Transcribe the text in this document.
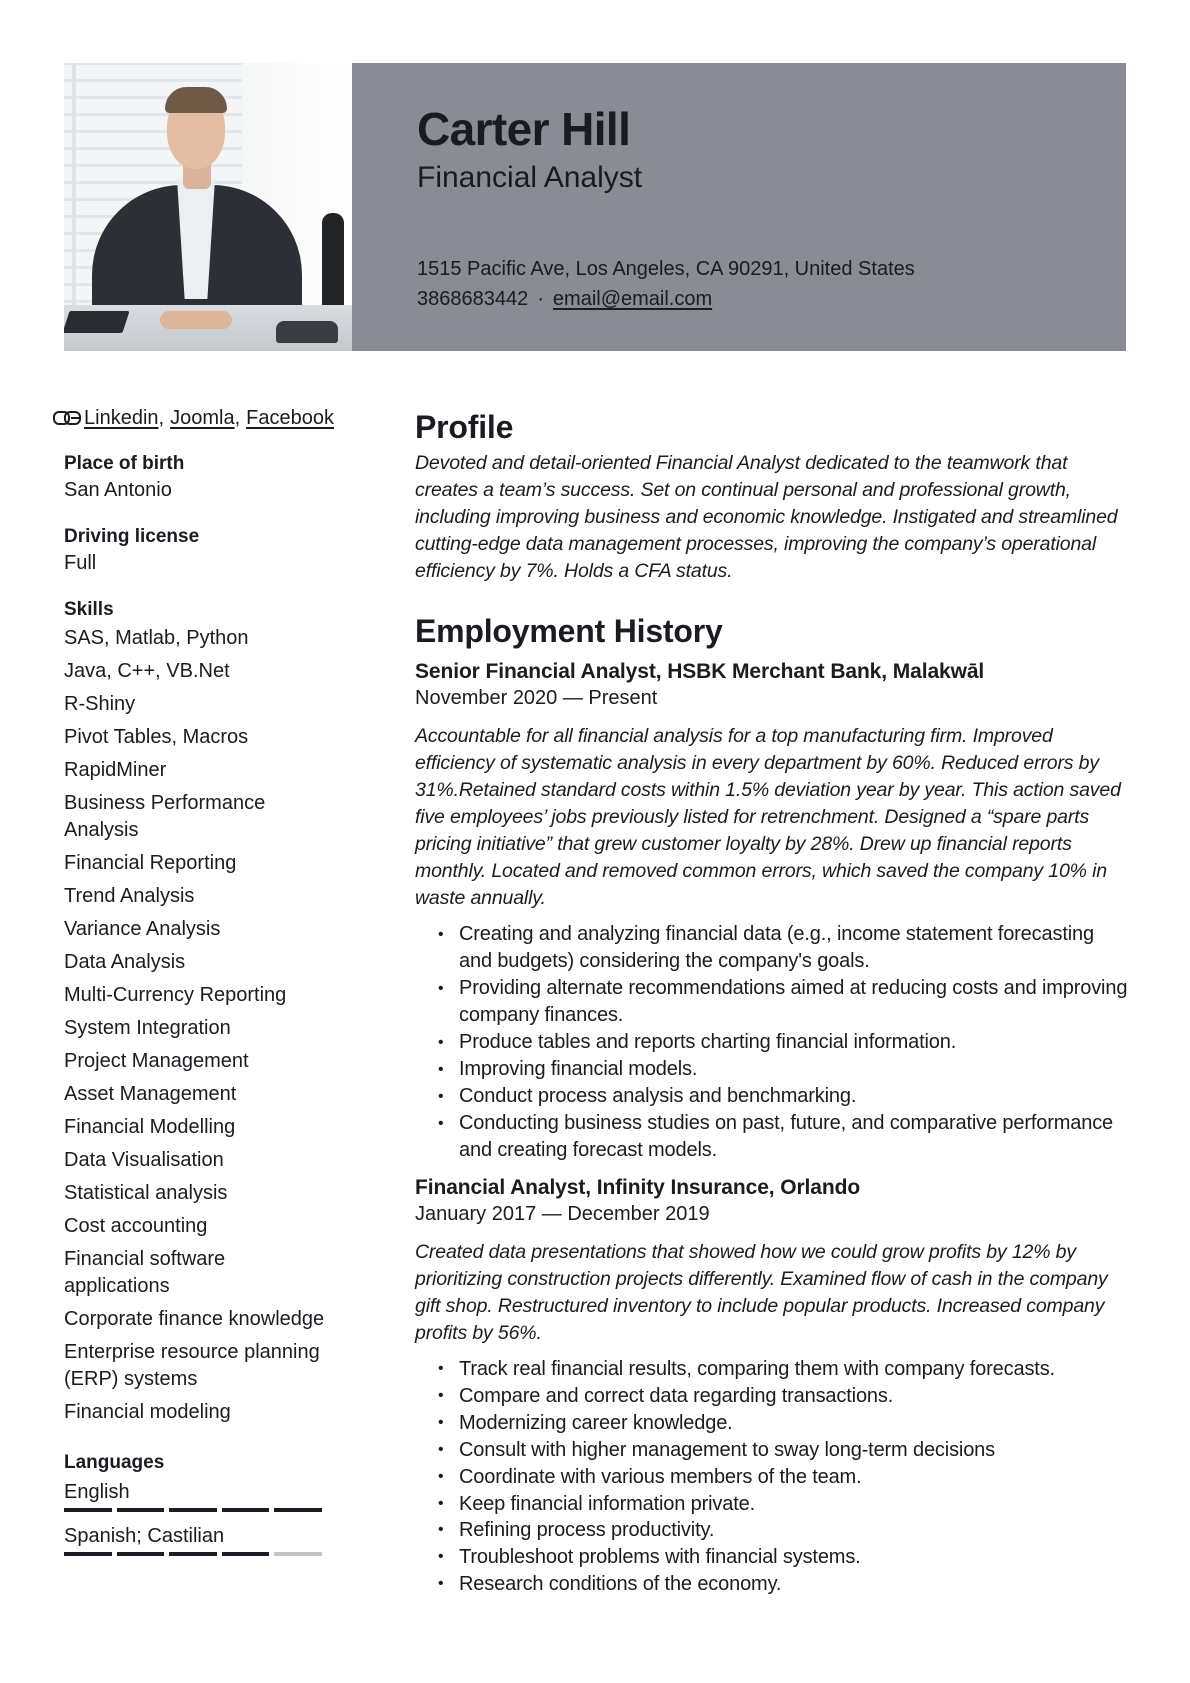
Carter Hill
Financial Analyst
1515 Pacific Ave, Los Angeles, CA 90291, United States
3868683442 · email@email.com
Linkedin , Joomla , Facebook
Place of birth
San Antonio
Driving license
Full
Skills
SAS, Matlab, Python
Java, C++, VB.Net
R-Shiny
Pivot Tables, Macros
RapidMiner
Business Performance Analysis
Financial Reporting
Trend Analysis
Variance Analysis
Data Analysis
Multi-Currency Reporting
System Integration
Project Management
Asset Management
Financial Modelling
Data Visualisation
Statistical analysis
Cost accounting
Financial software applications
Corporate finance knowledge
Enterprise resource planning (ERP) systems
Financial modeling
Languages
English
Spanish; Castilian
Profile

Devoted and detail-oriented Financial Analyst dedicated to the teamwork that creates a team’s success. Set on continual personal and professional growth, including improving business and economic knowledge. Instigated and streamlined cutting-edge data management processes, improving the company’s operational efficiency by 7%. Holds a CFA status.

Employment History
Senior Financial Analyst, HSBK Merchant Bank, Malakwāl
November 2020 — Present

Accountable for all financial analysis for a top manufacturing firm. Improved efficiency of systematic analysis in every department by 60%. Reduced errors by 31%.Retained standard costs within 1.5% deviation year by year. This action saved five employees’ jobs previously listed for retrenchment. Designed a “spare parts pricing initiative” that grew customer loyalty by 28%. Drew up financial reports monthly. Located and removed common errors, which saved the company 10% in waste annually.

• Creating and analyzing financial data (e.g., income statement forecasting and budgets) considering the company's goals.
• Providing alternate recommendations aimed at reducing costs and improving company finances.
• Produce tables and reports charting financial information.
• Improving financial models.
• Conduct process analysis and benchmarking.
• Conducting business studies on past, future, and comparative performance and creating forecast models.
Financial Analyst, Infinity Insurance, Orlando
January 2017 — December 2019

Created data presentations that showed how we could grow profits by 12% by prioritizing construction projects differently. Examined flow of cash in the company gift shop. Restructured inventory to include popular products. Increased company profits by 56%.

• Track real financial results, comparing them with company forecasts.
• Compare and correct data regarding transactions.
• Modernizing career knowledge.
• Consult with higher management to sway long-term decisions
• Coordinate with various members of the team.
• Keep financial information private.
• Refining process productivity.
• Troubleshoot problems with financial systems.
• Research conditions of the economy.
